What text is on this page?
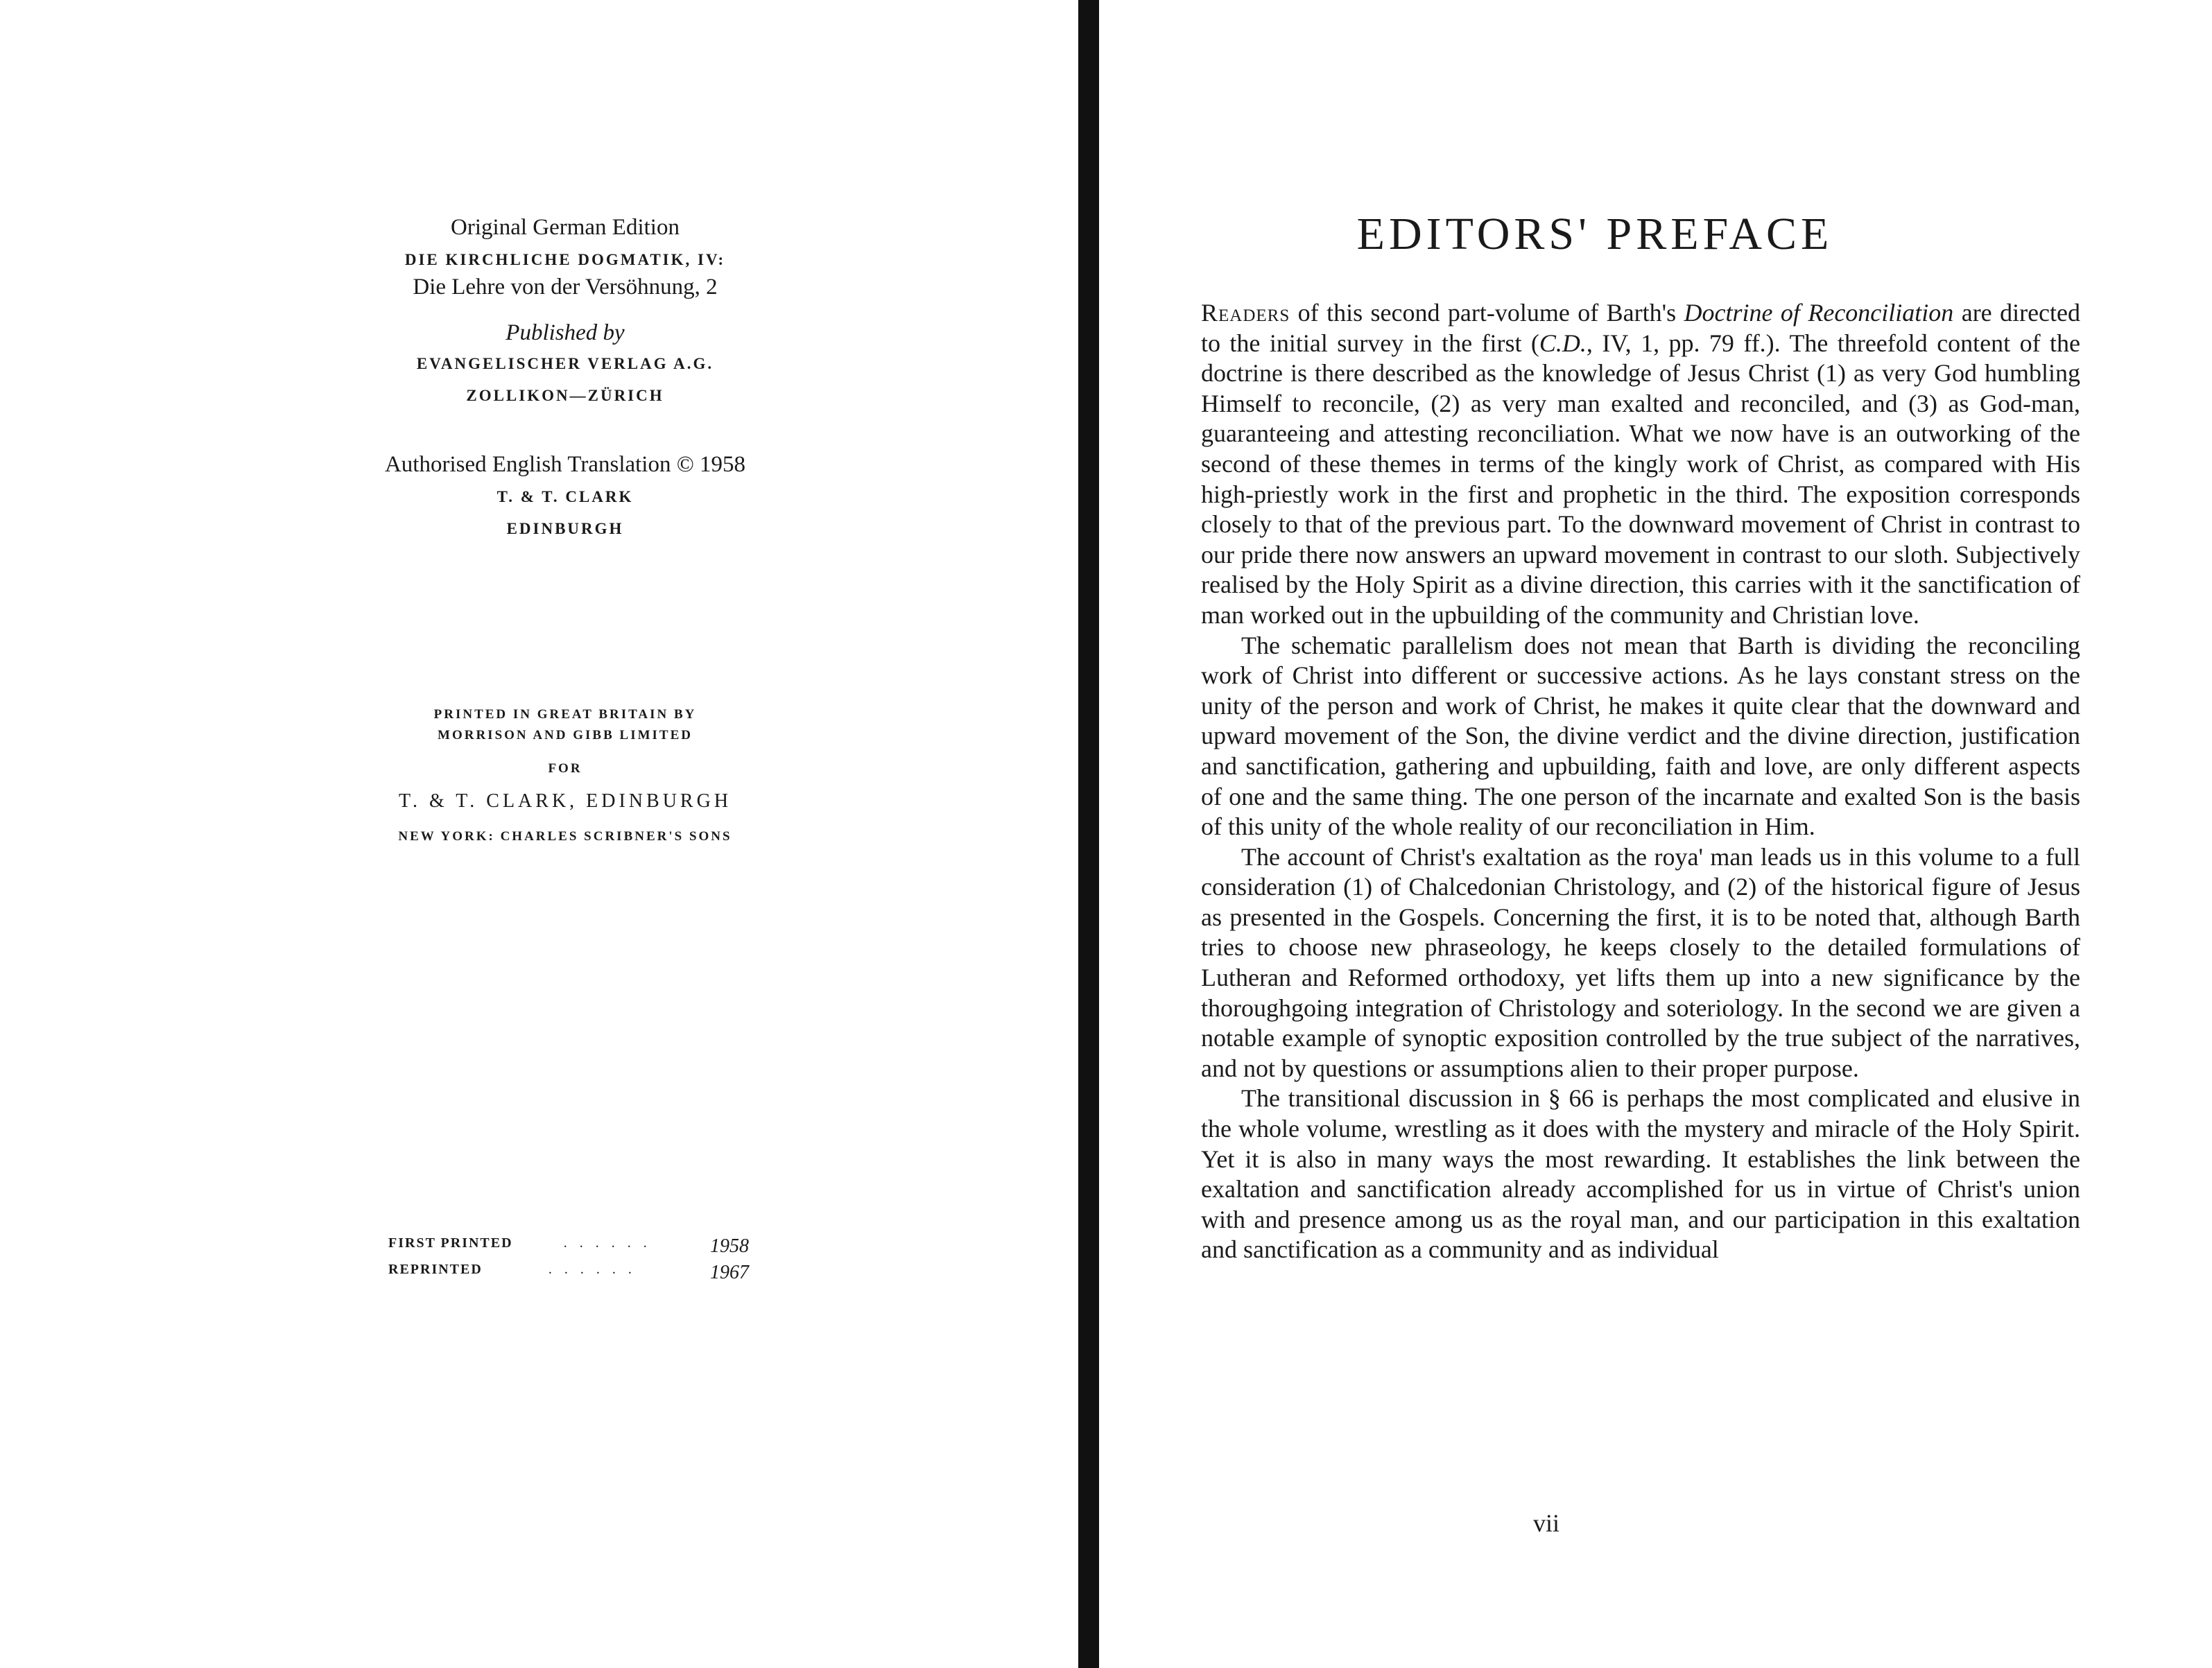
Original German Edition
DIE KIRCHLICHE DOGMATIK, IV:
Die Lehre von der Versöhnung, 2
Published by
EVANGELISCHER VERLAG A.G.
ZOLLIKON—ZÜRICH
Authorised English Translation © 1958
T. & T. CLARK
EDINBURGH
PRINTED IN GREAT BRITAIN BY
MORRISON AND GIBB LIMITED
FOR
T. & T. CLARK, EDINBURGH
NEW YORK: CHARLES SCRIBNER'S SONS
FIRST PRINTED	......	1958
REPRINTED	......	1967
EDITORS' PREFACE

Readers of this second part-volume of Barth's Doctrine of Reconciliation are directed to the initial survey in the first (C.D., IV, 1, pp. 79 ff.). The threefold content of the doctrine is there described as the knowledge of Jesus Christ (1) as very God humbling Himself to reconcile, (2) as very man exalted and reconciled, and (3) as God-man, guaranteeing and attesting reconciliation. What we now have is an outworking of the second of these themes in terms of the kingly work of Christ, as compared with His high-priestly work in the first and prophetic in the third. The exposition corresponds closely to that of the previous part. To the downward movement of Christ in contrast to our pride there now answers an upward movement in contrast to our sloth. Subjectively realised by the Holy Spirit as a divine direction, this carries with it the sanctification of man worked out in the upbuilding of the community and Christian love.

The schematic parallelism does not mean that Barth is dividing the reconciling work of Christ into different or successive actions. As he lays constant stress on the unity of the person and work of Christ, he makes it quite clear that the downward and upward movement of the Son, the divine verdict and the divine direction, justification and sanctification, gathering and upbuilding, faith and love, are only different aspects of one and the same thing. The one person of the incarnate and exalted Son is the basis of this unity of the whole reality of our reconciliation in Him.

The account of Christ's exaltation as the roya' man leads us in this volume to a full consideration (1) of Chalcedonian Christology, and (2) of the historical figure of Jesus as presented in the Gospels. Concerning the first, it is to be noted that, although Barth tries to choose new phraseology, he keeps closely to the detailed formulations of Lutheran and Reformed orthodoxy, yet lifts them up into a new significance by the thoroughgoing integration of Christology and soteriology. In the second we are given a notable example of synoptic exposition controlled by the true subject of the narratives, and not by questions or assumptions alien to their proper purpose.

The transitional discussion in § 66 is perhaps the most complicated and elusive in the whole volume, wrestling as it does with the mystery and miracle of the Holy Spirit. Yet it is also in many ways the most rewarding. It establishes the link between the exaltation and sanctification already accomplished for us in virtue of Christ's union with and presence among us as the royal man, and our participation in this exaltation and sanctification as a community and as individual

vii
